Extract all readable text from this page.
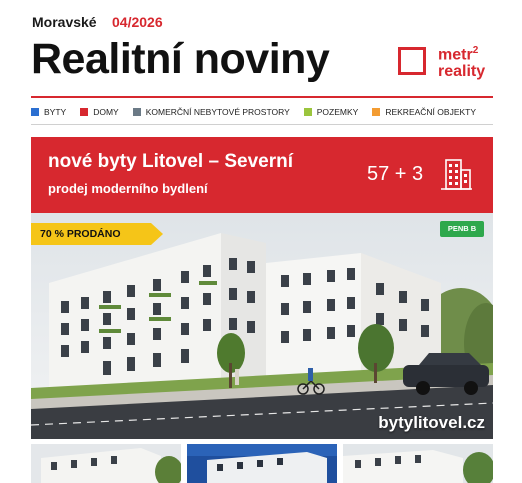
Moravské 04/2026
Realitní noviny	metr$^2$
reality
BYTY	DOMY	KOMERČNÍ NEBYTOVÉ PROSTORY	POZEMKY	REKREAČNÍ OBJEKTY
nové byty Litovel – Severní
prodej moderního bydlení
57 + 3
70 % PRODÁNO	PENB B
bytylitovel.cz
